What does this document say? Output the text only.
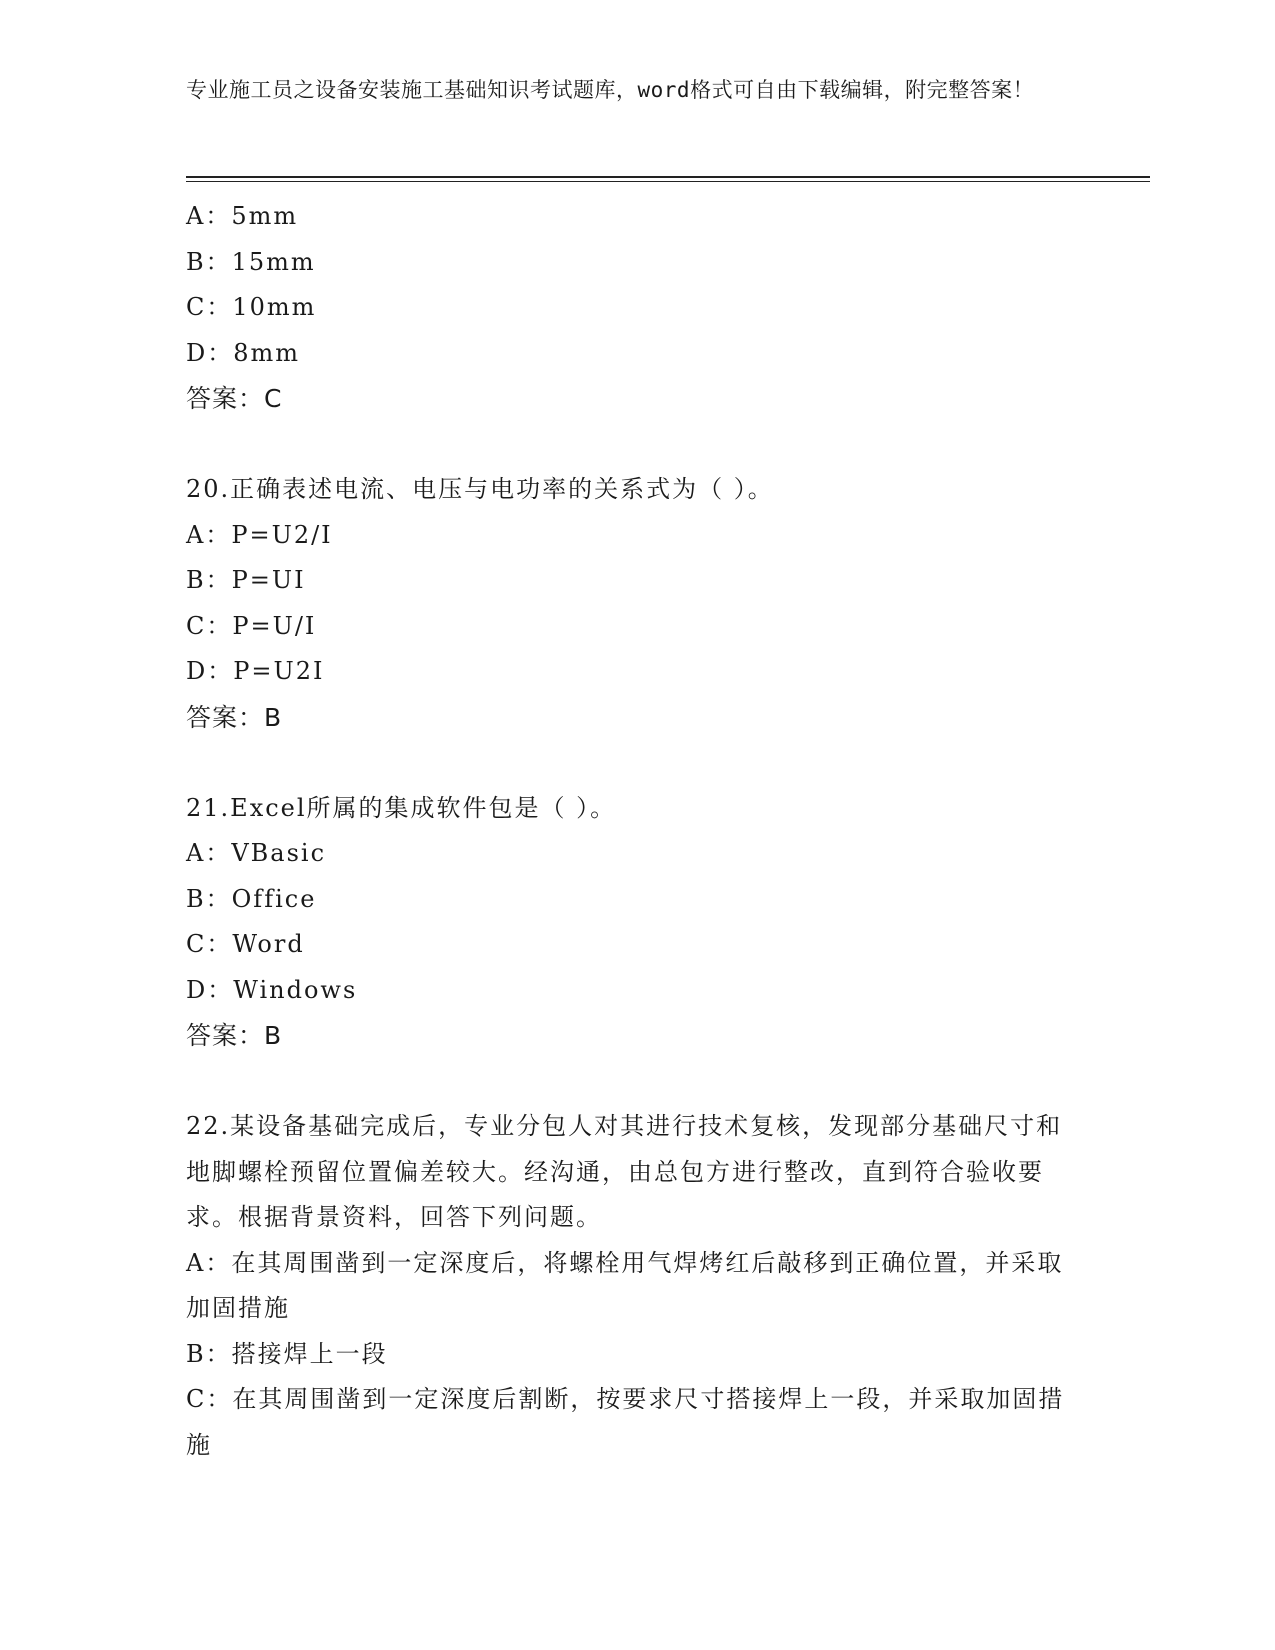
专业施工员之设备安装施工基础知识考试题库，word格式可自由下载编辑，附完整答案！
A：5mm
B：15mm
C：10mm
D：8mm
答案：C
20.正确表述电流、电压与电功率的关系式为（ ）。
A：P=U2/I
B：P=UI
C：P=U/I
D：P=U2I
答案：B
21.Excel所属的集成软件包是（ ）。
A：VBasic
B：Office
C：Word
D：Windows
答案：B
22.某设备基础完成后，专业分包人对其进行技术复核，发现部分基础尺寸和地脚螺栓预留位置偏差较大。经沟通，由总包方进行整改，直到符合验收要求。根据背景资料，回答下列问题。
A：在其周围凿到一定深度后，将螺栓用气焊烤红后敲移到正确位置，并采取加固措施
B：搭接焊上一段
C：在其周围凿到一定深度后割断，按要求尺寸搭接焊上一段，并采取加固措施
